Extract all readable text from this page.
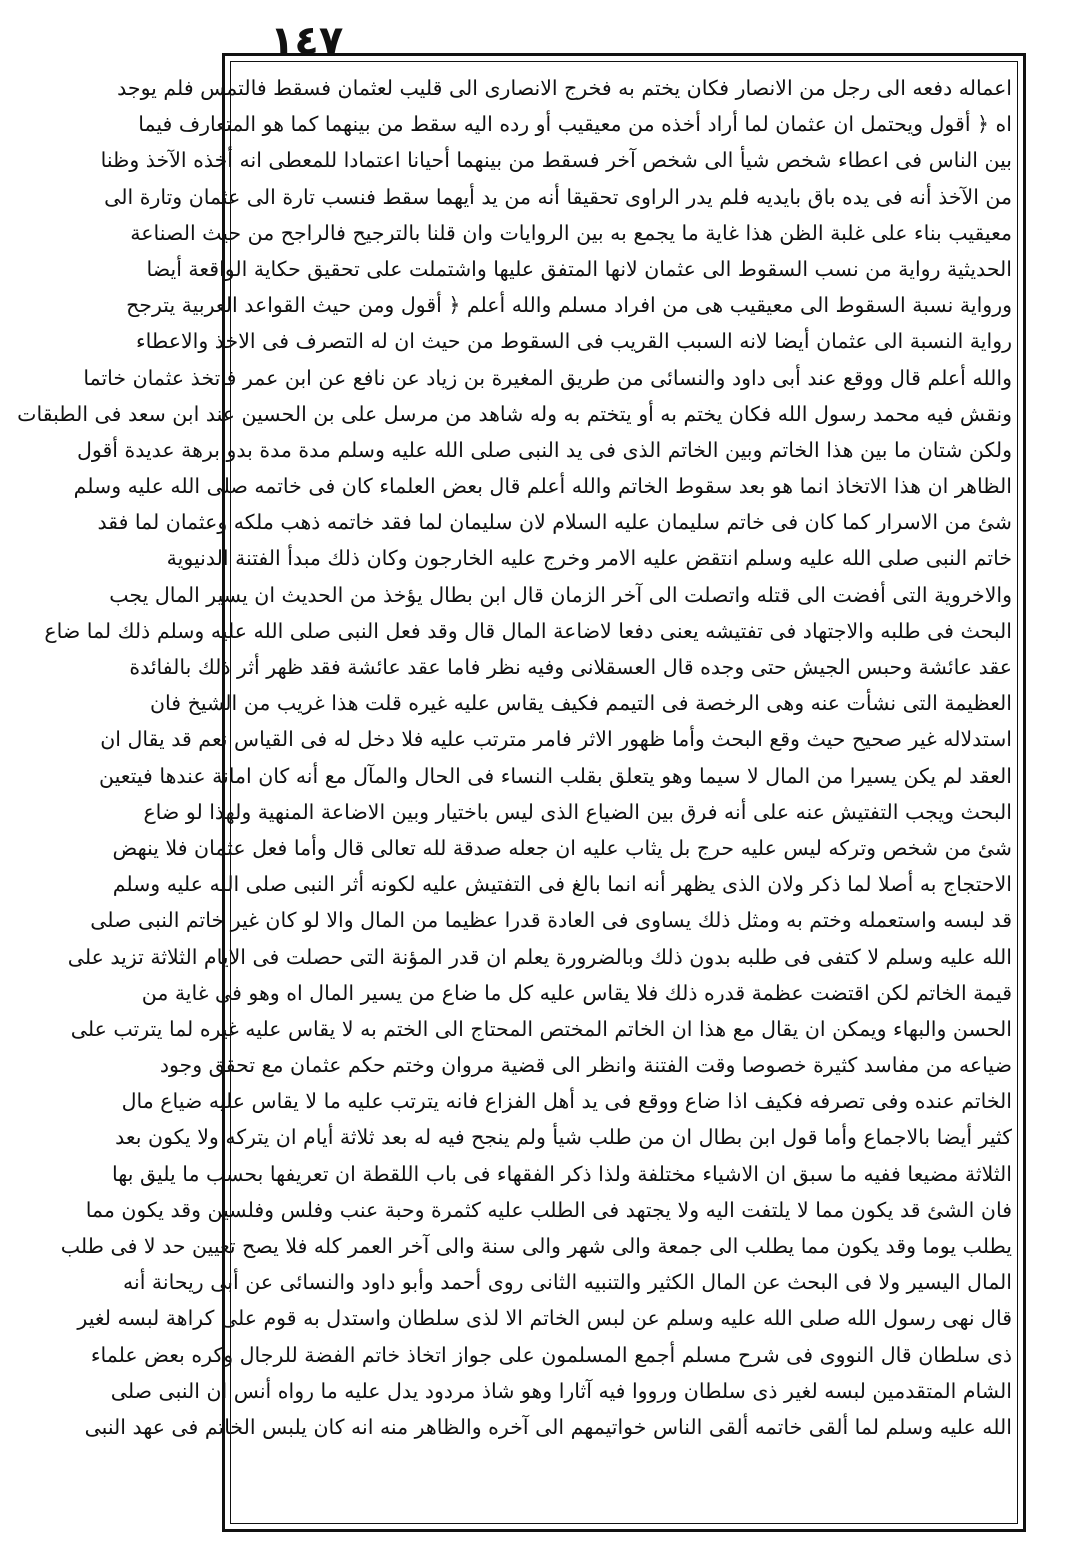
١٤٧
اعماله دفعه الى رجل من الانصار فكان يختم به فخرج الانصارى الى قليب لعثمان فسقط فالتمس فلم يوجد
اه ﴿ أقول ويحتمل ان عثمان لما أراد أخذه من معيقيب أو رده اليه سقط من بينهما كما هو المتعارف فيما
بين الناس فى اعطاء شخص شيأ الى شخص آخر فسقط من بينهما أحيانا اعتمادا للمعطى انه أخذه الآخذ وظنا
من الآخذ أنه فى يده باق بايديه فلم يدر الراوى تحقيقا أنه من يد أيهما سقط فنسب تارة الى عثمان وتارة الى
معيقيب بناء على غلبة الظن هذا غاية ما يجمع به بين الروايات وان قلنا بالترجيح فالراجح من حيث الصناعة
الحديثية رواية من نسب السقوط الى عثمان لانها المتفق عليها واشتملت على تحقيق حكاية الواقعة أيضا
ورواية نسبة السقوط الى معيقيب هى من افراد مسلم والله أعلم ﴿ أقول ومن حيث القواعد العربية يترجح
رواية النسبة الى عثمان أيضا لانه السبب القريب فى السقوط من حيث ان له التصرف فى الاخذ والاعطاء
والله أعلم قال ووقع عند أبى داود والنسائى من طريق المغيرة بن زياد عن نافع عن ابن عمر فاتخذ عثمان خاتما
ونقش فيه محمد رسول الله فكان يختم به أو يتختم به وله شاهد من مرسل على بن الحسين عند ابن سعد فى الطبقات
ولكن شتان ما بين هذا الخاتم وبين الخاتم الذى فى يد النبى صلى الله عليه وسلم مدة مدة بدو برهة عديدة أقول
الظاهر ان هذا الاتخاذ انما هو بعد سقوط الخاتم والله أعلم قال بعض العلماء كان فى خاتمه صلى الله عليه وسلم
شئ من الاسرار كما كان فى خاتم سليمان عليه السلام لان سليمان لما فقد خاتمه ذهب ملكه وعثمان لما فقد
خاتم النبى صلى الله عليه وسلم انتقض عليه الامر وخرج عليه الخارجون وكان ذلك مبدأ الفتنة الدنيوية
والاخروية التى أفضت الى قتله واتصلت الى آخر الزمان قال ابن بطال يؤخذ من الحديث ان يسير المال يجب
البحث فى طلبه والاجتهاد فى تفتيشه يعنى دفعا لاضاعة المال قال وقد فعل النبى صلى الله عليه وسلم ذلك لما ضاع
عقد عائشة وحبس الجيش حتى وجده قال العسقلانى وفيه نظر فاما عقد عائشة فقد ظهر أثر ذلك بالفائدة
العظيمة التى نشأت عنه وهى الرخصة فى التيمم فكيف يقاس عليه غيره قلت هذا غريب من الشيخ فان
استدلاله غير صحيح حيث وقع البحث وأما ظهور الاثر فامر مترتب عليه فلا دخل له فى القياس نعم قد يقال ان
العقد لم يكن يسيرا من المال لا سيما وهو يتعلق بقلب النساء فى الحال والمآل مع أنه كان امانة عندها فيتعين
البحث ويجب التفتيش عنه على أنه فرق بين الضياع الذى ليس باختيار وبين الاضاعة المنهية ولهذا لو ضاع
شئ من شخص وتركه ليس عليه حرج بل يثاب عليه ان جعله صدقة لله تعالى قال وأما فعل عثمان فلا ينهض
الاحتجاج به أصلا لما ذكر ولان الذى يظهر أنه انما بالغ فى التفتيش عليه لكونه أثر النبى صلى الله عليه وسلم
قد لبسه واستعمله وختم به ومثل ذلك يساوى فى العادة قدرا عظيما من المال والا لو كان غير خاتم النبى صلى
الله عليه وسلم لا كتفى فى طلبه بدون ذلك وبالضرورة يعلم ان قدر المؤنة التى حصلت فى الايام الثلاثة تزيد على
قيمة الخاتم لكن اقتضت عظمة قدره ذلك فلا يقاس عليه كل ما ضاع من يسير المال اه وهو فى غاية من
الحسن والبهاء ويمكن ان يقال مع هذا ان الخاتم المختص المحتاج الى الختم به لا يقاس عليه غيره لما يترتب على
ضياعه من مفاسد كثيرة خصوصا وقت الفتنة وانظر الى قضية مروان وختم حكم عثمان مع تحقق وجود
الخاتم عنده وفى تصرفه فكيف اذا ضاع ووقع فى يد أهل الفزاع فانه يترتب عليه ما لا يقاس عليه ضياع مال
كثير أيضا بالاجماع وأما قول ابن بطال ان من طلب شيأ ولم ينجح فيه له بعد ثلاثة أيام ان يتركه ولا يكون بعد
الثلاثة مضيعا ففيه ما سبق ان الاشياء مختلفة ولذا ذكر الفقهاء فى باب اللقطة ان تعريفها بحسب ما يليق بها
فان الشئ قد يكون مما لا يلتفت اليه ولا يجتهد فى الطلب عليه كثمرة وحبة عنب وفلس وفلسين وقد يكون مما
يطلب يوما وقد يكون مما يطلب الى جمعة والى شهر والى سنة والى آخر العمر كله فلا يصح تعيين حد لا فى طلب
المال اليسير ولا فى البحث عن المال الكثير والتنبيه الثانى روى أحمد وأبو داود والنسائى عن أبى ريحانة أنه
قال نهى رسول الله صلى الله عليه وسلم عن لبس الخاتم الا لذى سلطان واستدل به قوم على كراهة لبسه لغير
ذى سلطان قال النووى فى شرح مسلم أجمع المسلمون على جواز اتخاذ خاتم الفضة للرجال وكره بعض علماء
الشام المتقدمين لبسه لغير ذى سلطان ورووا فيه آثارا وهو شاذ مردود يدل عليه ما رواه أنس ان النبى صلى
الله عليه وسلم لما ألقى خاتمه ألقى الناس خواتيمهم الى آخره والظاهر منه انه كان يلبس الخاتم فى عهد النبى
